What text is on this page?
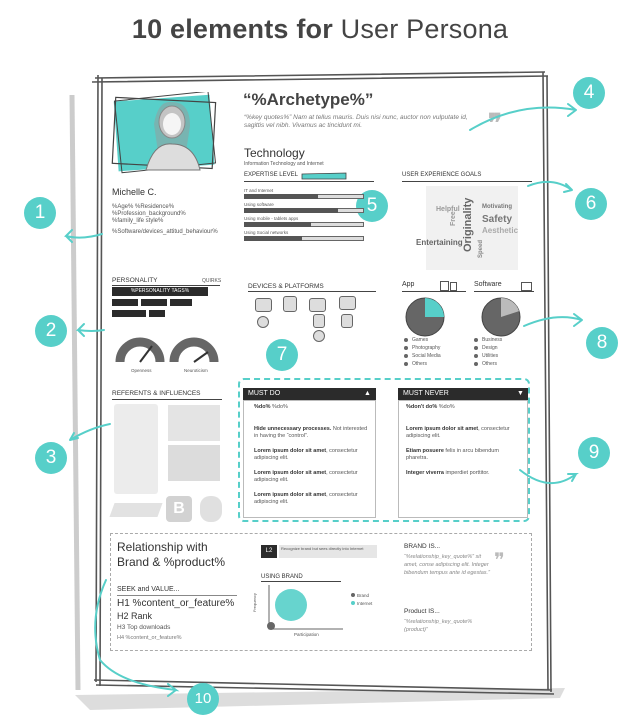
10 elements for User Persona
“%Archetype%”
“%key quotes%” Nam at tellus mauris. Duis nisi nunc, auctor non vulputate id, sagittis vel nibh. Vivamus ac tincidunt mi.	❞
Michelle C.
%Age% %Residence%
%Profession_background%
%family_life style%
%Software/devices_attitud_behaviour%
Technology
Information Technology and Internet
EXPERTISE LEVEL	USER EXPERIENCE GOALS
Helpful	Motivating
Safety
Free Originality Aesthetic
Entertaining	Speed
PERSONALITY	QUIRKS
%PERSONALITY TAGS%
Openness	Neuroticism
DEVICES & PLATFORMS	App	Software
REFERENTS & INFLUENCES
B
MUST DO	▲	MUST NEVER	▼
Relationship with
Brand & %product%
SEEK and VALUE...
H1 %content_or_feature%
H2 Rank
H3 Top downloads
H4 %content_or_feature%
L2	Recognize brand but sees directly into Internet
USING BRAND
Frequency
Participation
Brand
Internet
BRAND IS...
“%relationship_key_quote%” sit amet, conse adipiscing elit. Integer bibendum tempus ante id egestas.”
❞
Product IS...
“%relationship_key_quote% (product)”
1
2
3
4
5	6
7
8
9
10
IT and Internet
Using software
Using mobile - tablets apps
Using Social networks
Games
Photography
Social Media
Others
Business
Design
Utilities
Others
%do% %do%
Hide unnecessary processes. Not interested in having the “control”.
Lorem ipsum dolor sit amet, consectetur adipiscing elit.
Lorem ipsum dolor sit amet, consectetur adipiscing elit.
Lorem ipsum dolor sit amet, consectetur adipiscing elit.
%don't do% %do%
Lorem ipsum dolor sit amet, consectetur adipiscing elit.
Etiam posuere felis in arcu bibendum pharetra.
Integer viverra imperdiet porttitor.
